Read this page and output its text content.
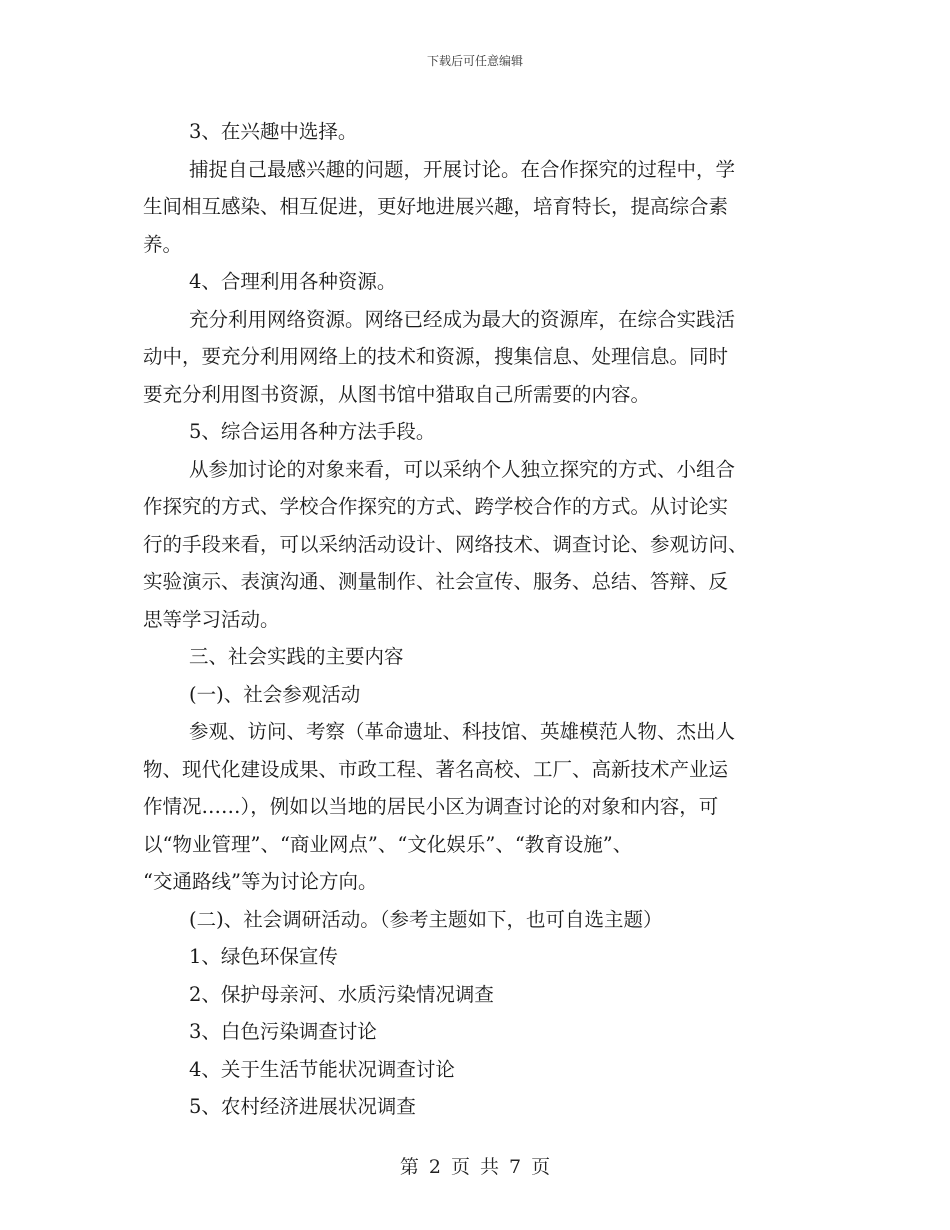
下载后可任意编辑

3、在兴趣中选择。

捕捉自己最感兴趣的问题，开展讨论。在合作探究的过程中，学

生间相互感染、相互促进，更好地进展兴趣，培育特长，提高综合素

养。

4、合理利用各种资源。

充分利用网络资源。网络已经成为最大的资源库，在综合实践活

动中，要充分利用网络上的技术和资源，搜集信息、处理信息。同时

要充分利用图书资源，从图书馆中猎取自己所需要的内容。

5、综合运用各种方法手段。

从参加讨论的对象来看，可以采纳个人独立探究的方式、小组合

作探究的方式、学校合作探究的方式、跨学校合作的方式。从讨论实

行的手段来看，可以采纳活动设计、网络技术、调查讨论、参观访问、

实验演示、表演沟通、测量制作、社会宣传、服务、总结、答辩、反

思等学习活动。

三、社会实践的主要内容

(一)、社会参观活动

参观、访问、考察（革命遗址、科技馆、英雄模范人物、杰出人

物、现代化建设成果、市政工程、著名高校、工厂、高新技术产业运

作情况……），例如以当地的居民小区为调查讨论的对象和内容，可

以“物业管理”、“商业网点”、“文化娱乐”、“教育设施”、

“交通路线”等为讨论方向。

(二)、社会调研活动。（参考主题如下，也可自选主题）

1、绿色环保宣传

2、保护母亲河、水质污染情况调查

3、白色污染调查讨论

4、关于生活节能状况调查讨论

5、农村经济进展状况调查

第 2 页 共 7 页
